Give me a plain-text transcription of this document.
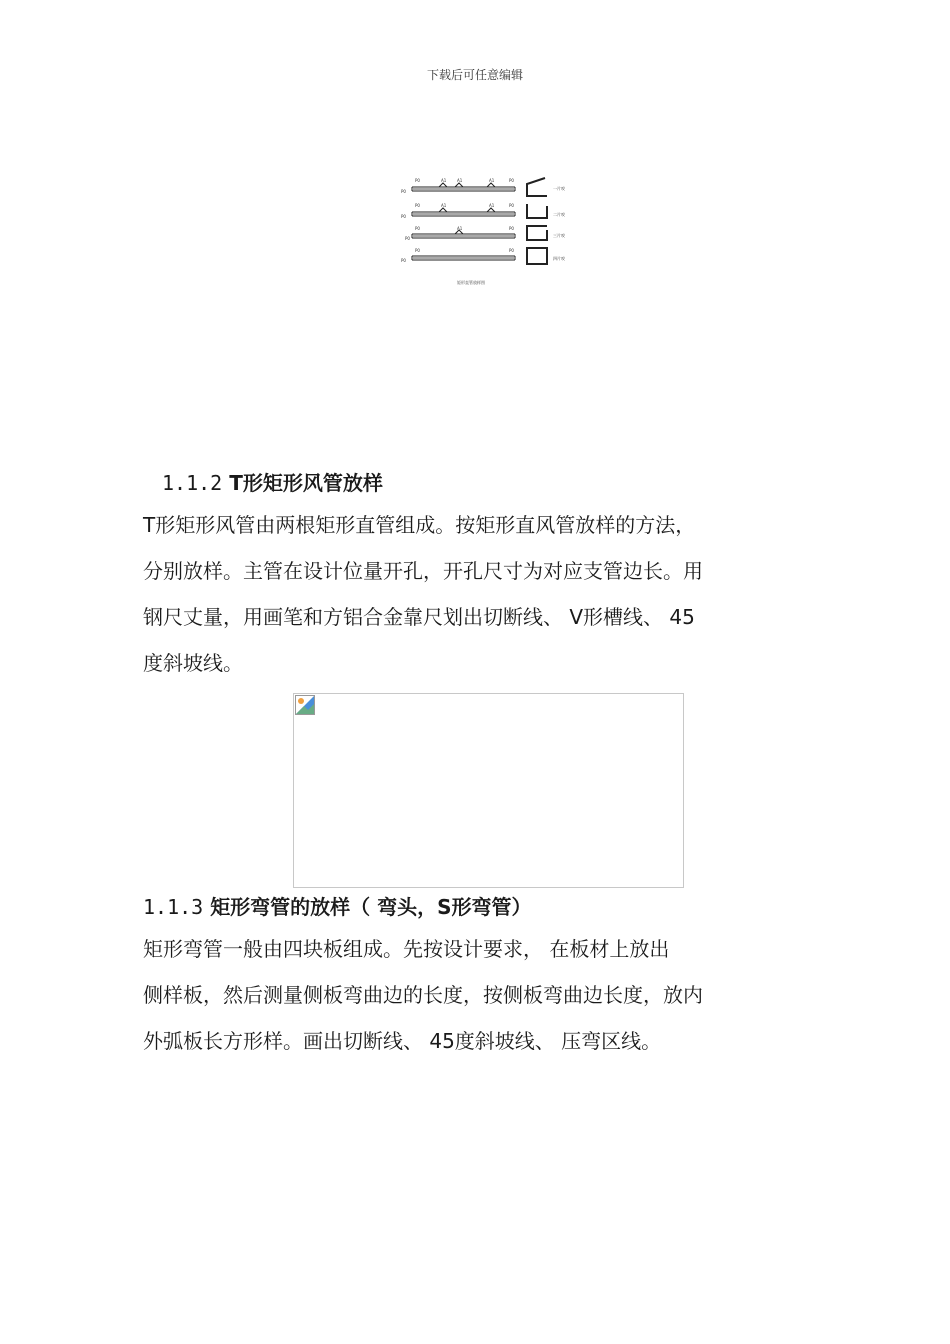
下载后可任意编辑
P0	A1	A1	A1	P0
P0
一片咬
P0	A1	A1	P0
P0	二片咬
P0	A1	P0
P0
三片咬
P0	P0
P0	四片咬
矩形直管放样图
1.1.2 T形矩形风管放样
T形矩形风管由两根矩形直管组成。按矩形直风管放样的方法，
分别放样。主管在设计位量开孔，开孔尺寸为对应支管边长。用
钢尺丈量，用画笔和方铝合金靠尺划出切断线、 V形槽线、 45
度斜坡线。
1.1.3 矩形弯管的放样（ 弯头，S形弯管）
矩形弯管一般由四块板组成。先按设计要求， 在板材上放出
侧样板，然后测量侧板弯曲边的长度，按侧板弯曲边长度，放内
外弧板长方形样。画出切断线、 45度斜坡线、 压弯区线。
